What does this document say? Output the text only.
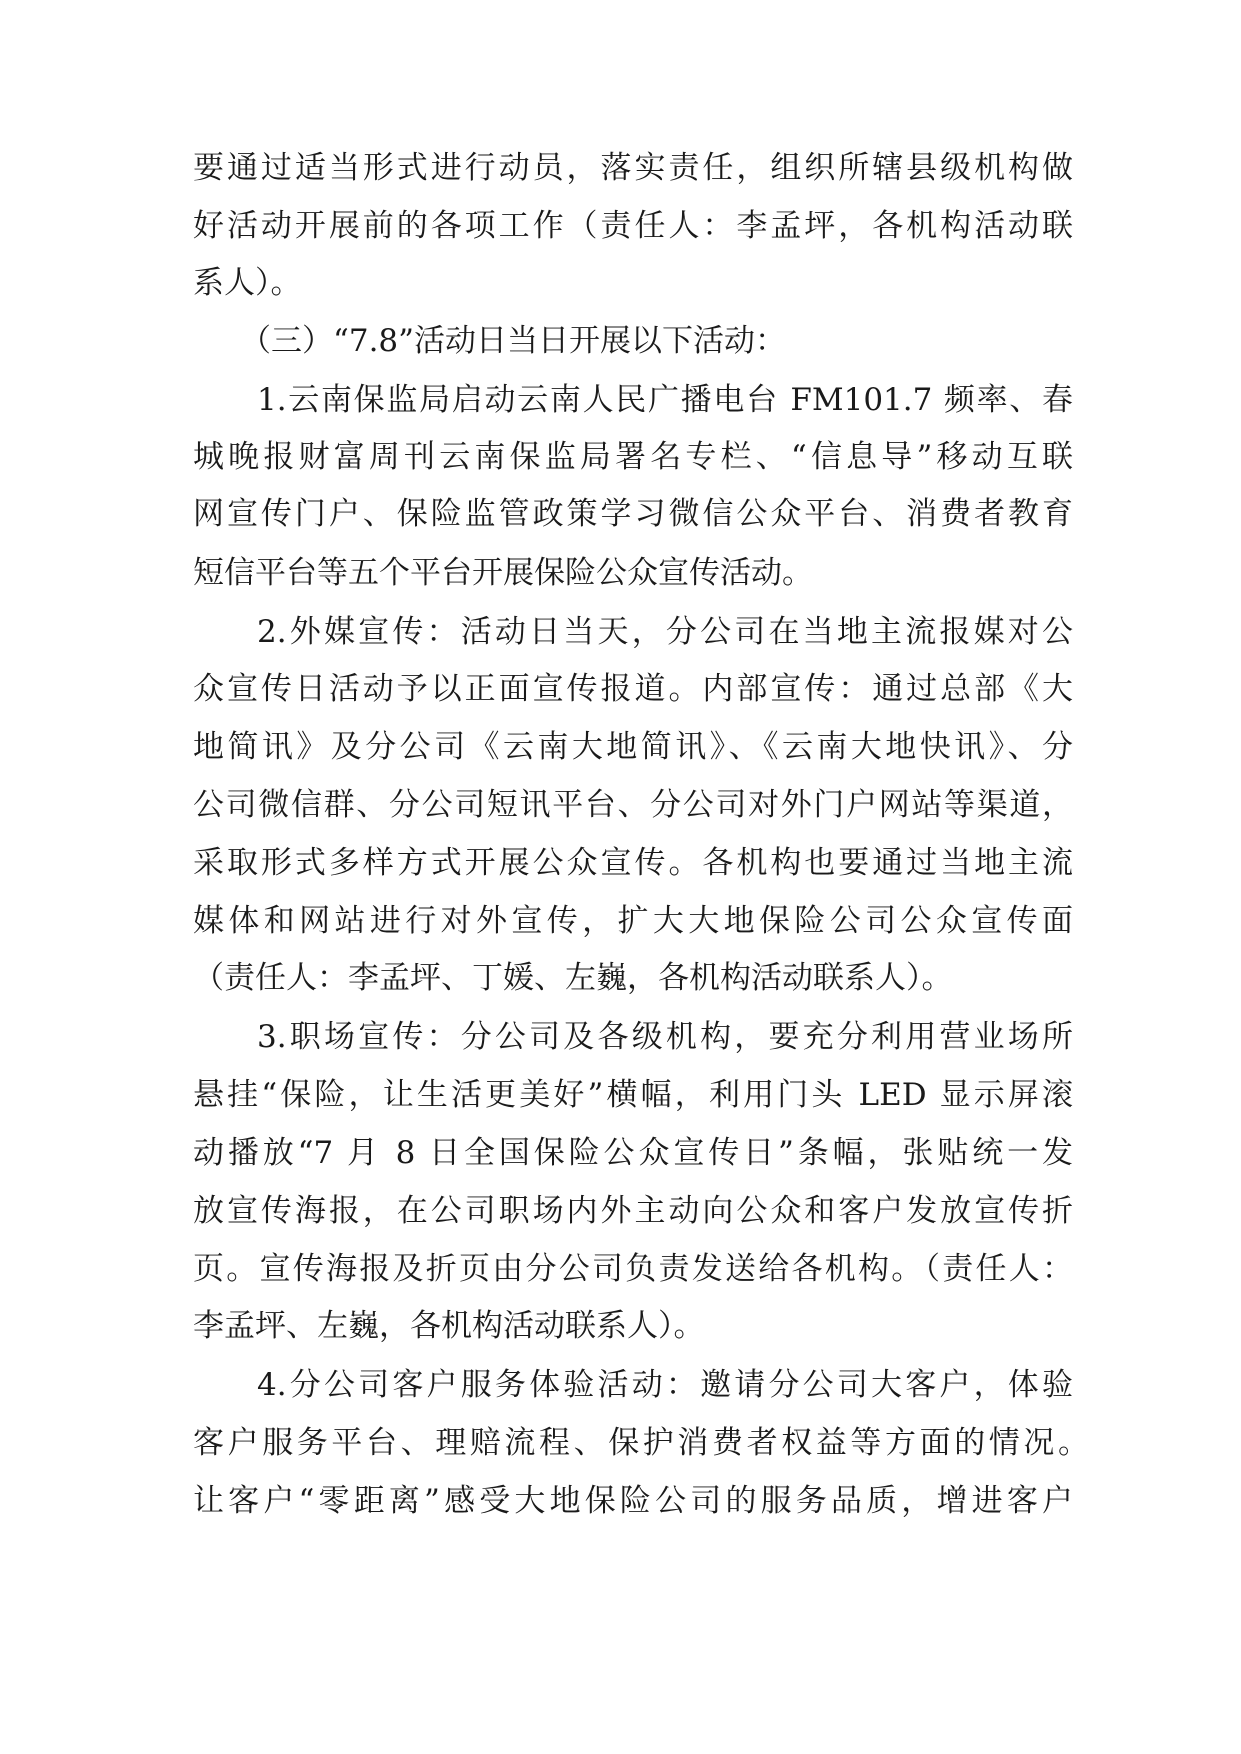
要通过适当形式进行动员，落实责任，组织所辖县级机构做
好活动开展前的各项工作（责任人：李孟坪，各机构活动联
系人）。
（三）“7.8”活动日当日开展以下活动：
1.云南保监局启动云南人民广播电台 FM101.7 频率、春
城晚报财富周刊云南保监局署名专栏、“信息导”移动互联
网宣传门户、保险监管政策学习微信公众平台、消费者教育
短信平台等五个平台开展保险公众宣传活动。
2.外媒宣传：活动日当天，分公司在当地主流报媒对公
众宣传日活动予以正面宣传报道。内部宣传：通过总部《大
地简讯》及分公司《云南大地简讯》、《云南大地快讯》、分
公司微信群、分公司短讯平台、分公司对外门户网站等渠道，
采取形式多样方式开展公众宣传。各机构也要通过当地主流
媒体和网站进行对外宣传，扩大大地保险公司公众宣传面
（责任人：李孟坪、丁媛、左巍，各机构活动联系人）。
3.职场宣传：分公司及各级机构，要充分利用营业场所
悬挂“保险，让生活更美好”横幅，利用门头 LED 显示屏滚
动播放“7 月 8 日全国保险公众宣传日”条幅，张贴统一发
放宣传海报，在公司职场内外主动向公众和客户发放宣传折
页。宣传海报及折页由分公司负责发送给各机构。（责任人：
李孟坪、左巍，各机构活动联系人）。
4.分公司客户服务体验活动：邀请分公司大客户，体验
客户服务平台、理赔流程、保护消费者权益等方面的情况。
让客户“零距离”感受大地保险公司的服务品质，增进客户
